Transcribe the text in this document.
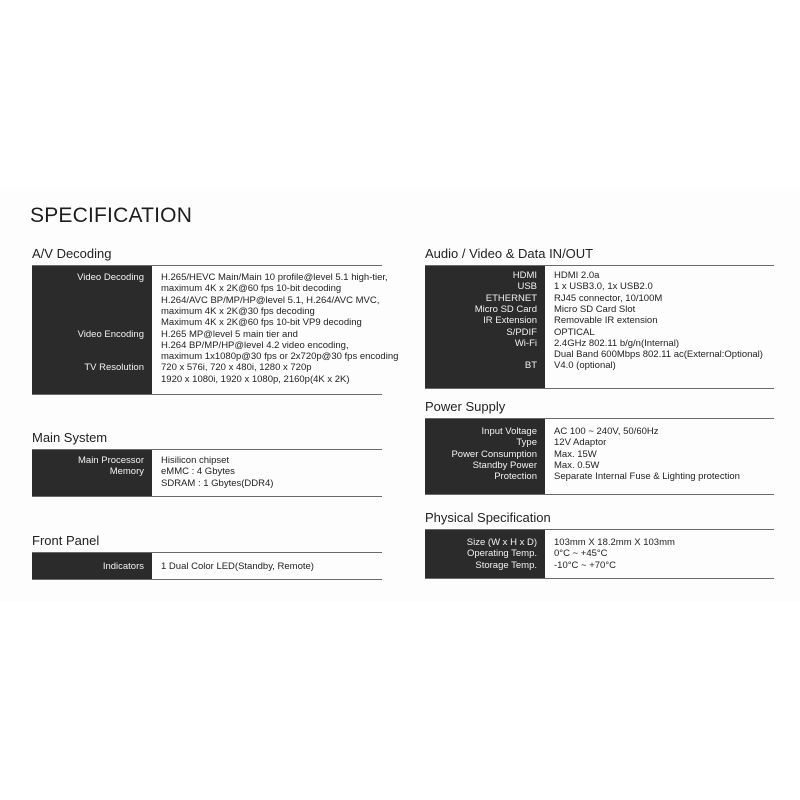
SPECIFICATION
A/V Decoding
Video Decoding H.265/HEVC Main/Main 10 profile@level 5.1 high-tier,
maximum 4K x 2K@60 fps 10-bit decoding
H.264/AVC BP/MP/HP@level 5.1, H.264/AVC MVC,
maximum 4K x 2K@30 fps decoding
Maximum 4K x 2K@60 fps 10-bit VP9 decoding
Video Encoding H.265 MP@level 5 main tier and
H.264 BP/MP/HP@level 4.2 video encoding,
maximum 1x1080p@30 fps or 2x720p@30 fps encoding
TV Resolution 720 x 576i, 720 x 480i, 1280 x 720p
1920 x 1080i, 1920 x 1080p, 2160p(4K x 2K)
Main System
Main Processor Hisilicon chipset
Memory eMMC : 4 Gbytes
SDRAM : 1 Gbytes(DDR4)
Front Panel
Indicators 1 Dual Color LED(Standby, Remote)
Audio / Video & Data IN/OUT
HDMI HDMI 2.0a
USB 1 x USB3.0, 1x USB2.0
ETHERNET RJ45 connector, 10/100M
Micro SD Card Micro SD Card Slot
IR Extension Removable IR extension
S/PDIF OPTICAL
Wi-Fi 2.4GHz 802.11 b/g/n(Internal)
Dual Band 600Mbps 802.11 ac(External:Optional)
BT V4.0 (optional)
Power Supply
Input Voltage AC 100 ~ 240V, 50/60Hz
Type 12V Adaptor
Power Consumption Max. 15W
Standby Power Max. 0.5W
Protection Separate Internal Fuse & Lighting protection
Physical Specification
Size (W x H x D) 103mm X 18.2mm X 103mm
Operating Temp. 0°C ~ +45°C
Storage Temp. -10°C ~ +70°C
